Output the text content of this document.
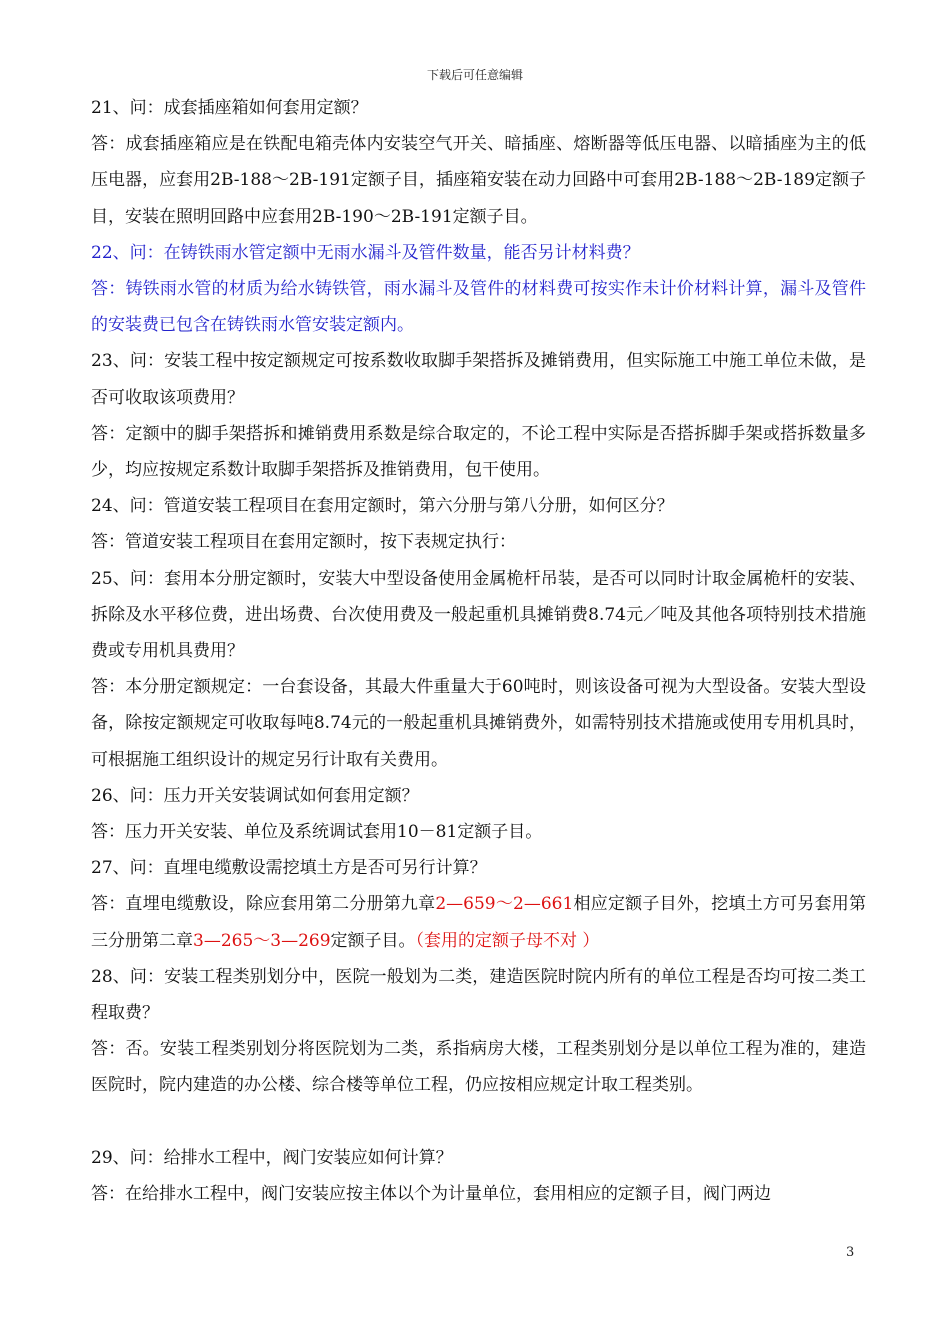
下载后可任意编辑

21、问：成套插座箱如何套用定额？

答：成套插座箱应是在铁配电箱壳体内安装空气开关、暗插座、熔断器等低压电器、以暗插座为主的低压电器，应套用2B-188～2B-191定额子目，插座箱安装在动力回路中可套用2B-188～2B-189定额子目，安装在照明回路中应套用2B-190～2B-191定额子目。

22、问：在铸铁雨水管定额中无雨水漏斗及管件数量，能否另计材料费？

答：铸铁雨水管的材质为给水铸铁管，雨水漏斗及管件的材料费可按实作未计价材料计算，漏斗及管件的安装费已包含在铸铁雨水管安装定额内。

23、问：安装工程中按定额规定可按系数收取脚手架搭拆及摊销费用，但实际施工中施工单位未做，是否可收取该项费用？

答：定额中的脚手架搭拆和摊销费用系数是综合取定的，不论工程中实际是否搭拆脚手架或搭拆数量多少，均应按规定系数计取脚手架搭拆及推销费用，包干使用。

24、问：管道安装工程项目在套用定额时，第六分册与第八分册，如何区分？

答：管道安装工程项目在套用定额时，按下表规定执行：

25、问：套用本分册定额时，安装大中型设备使用金属桅杆吊装，是否可以同时计取金属桅杆的安装、拆除及水平移位费，进出场费、台次使用费及一般起重机具摊销费8.74元／吨及其他各项特别技术措施费或专用机具费用？

答：本分册定额规定：一台套设备，其最大件重量大于60吨时，则该设备可视为大型设备。安装大型设备，除按定额规定可收取每吨8.74元的一般起重机具摊销费外，如需特别技术措施或使用专用机具时，可根据施工组织设计的规定另行计取有关费用。

26、问：压力开关安装调试如何套用定额？

答：压力开关安装、单位及系统调试套用10－81定额子目。

27、问：直埋电缆敷设需挖填土方是否可另行计算？

答：直埋电缆敷设，除应套用第二分册第九章2—659～2—661相应定额子目外，挖填土方可另套用第三分册第二章3—265～3—269定额子目。（套用的定额子母不对 ）

28、问：安装工程类别划分中，医院一般划为二类，建造医院时院内所有的单位工程是否均可按二类工程取费？

答：否。安装工程类别划分将医院划为二类，系指病房大楼，工程类别划分是以单位工程为准的，建造医院时，院内建造的办公楼、综合楼等单位工程，仍应按相应规定计取工程类别。

29、问：给排水工程中，阀门安装应如何计算？

答：在给排水工程中，阀门安装应按主体以个为计量单位，套用相应的定额子目，阀门两边

3
